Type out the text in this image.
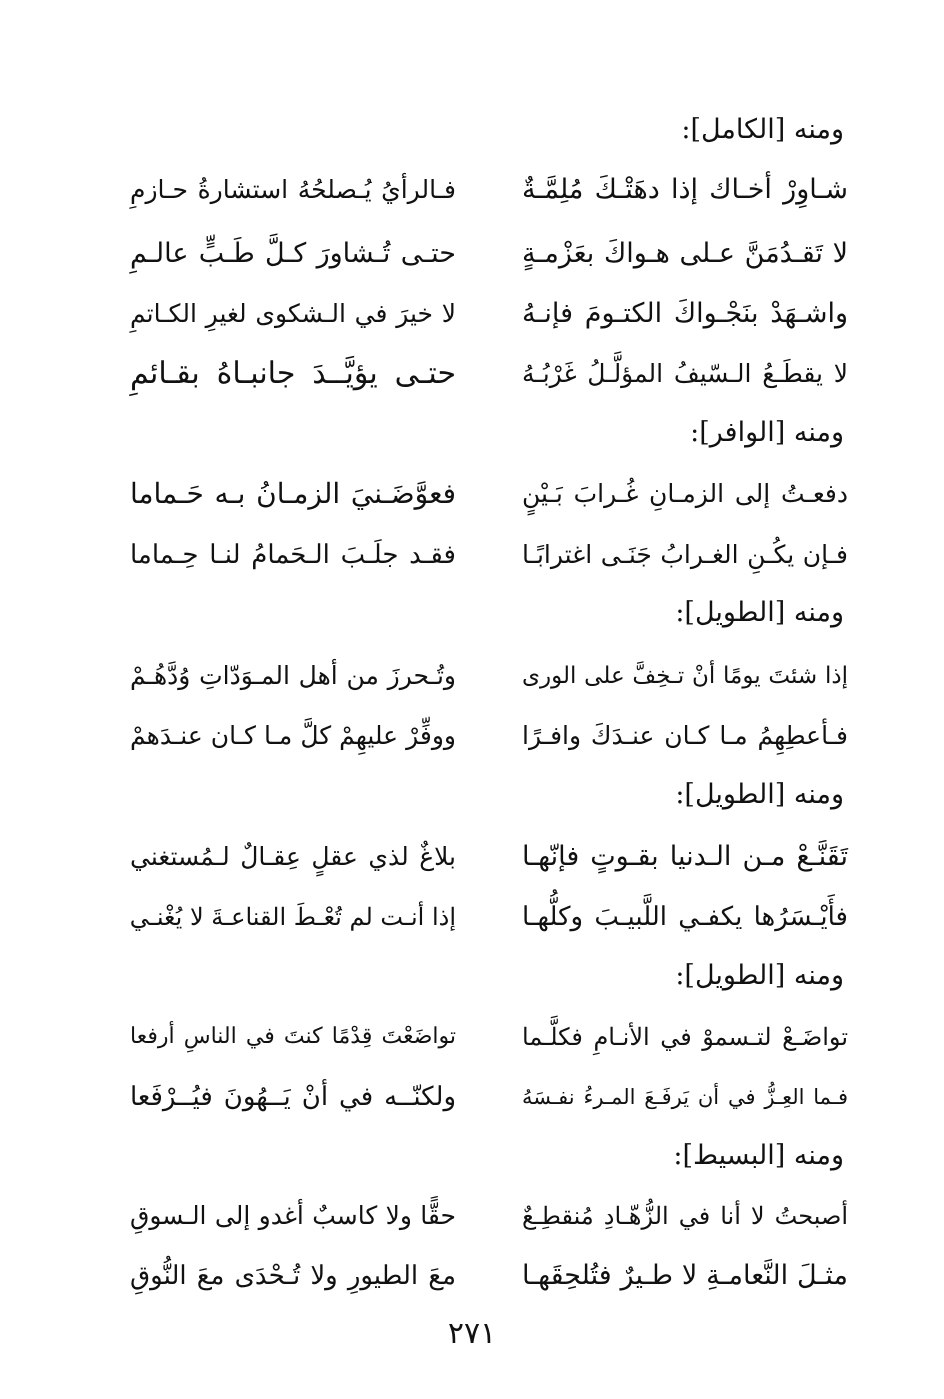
ومنه [الكامل]:
شـاوِرْ أخـاك إذا دهَتْـكَ مُلِمَّـةٌ
فـالرأيُ يُـصلحُهُ استشارةُ حـازمِ
لا تَقـدُمَنَّ عـلى هـواكَ بعَزْمـةٍ
حتـى تُـشاورَ كـلَّ طَـبٍّ عالـمِ
واشـهَدْ بنَجْـواكَ الكتـومَ فإنـهُ
لا خيرَ في الـشكوى لغيرِ الكـاتمِ
لا يقطَـعُ الـسّيفُ المؤلَّـلُ غَرْبُـهُ
حتـى يؤيَّــدَ جانبـاهُ بقـائمِ
ومنه [الوافر]:
دفعـتُ إلى الزمـانِ غُـرابَ بَـيْنٍ
فعوَّضَـنيَ الزمـانُ بـه حَـماما
فـإن يكُـنِ الغـرابُ جَنَـى اغترابًـا
فقـد جلَـبَ الـحَمامُ لنـا حِـماما
ومنه [الطويل]:
إذا شئتَ يومًا أنْ تـخِفَّ على الورى
وتُـحرزَ من أهل المـوَدّاتِ وُدَّهُـمْ
فـأعطِهِمُ مـا كـان عنـدَكَ وافـرًا
ووفِّرْ عليهِمْ كلَّ مـا كـان عنـدَهمْ
ومنه [الطويل]:
تَقَنَّـعْ مـن الـدنيا بقـوتٍ فإنّهـا
بلاغٌ لذي عقلٍ عِقـالٌ لـمُستغني
فأَيْـسَرُها يكفـي اللَّبيـبَ وكلُّهـا
إذا أنـت لم تُعْـطَ القناعـةَ لا يُغْنـي
ومنه [الطويل]:
تواضَـعْ لتـسموْ في الأنـامِ فكلَّـما
تواضَعْتَ قِدْمًا كنتَ في الناسِ أرفعا
فـما العِـزُّ في أن يَرفَـعَ المـرءُ نفـسَهُ
ولكنّــه في أنْ يَــهُونَ فيُــرْفَعا
ومنه [البسيط]:
أصبحتُ لا أنا في الزُّهّـادِ مُنقطِـعٌ
حقًّا ولا كاسبٌ أغدو إلى الـسوقِ
مثـلَ النَّعامـةِ لا طـيرٌ فتُلحِقَهـا
معَ الطيورِ ولا تُـحْدَى معَ النُّوقِ
٢٧١
